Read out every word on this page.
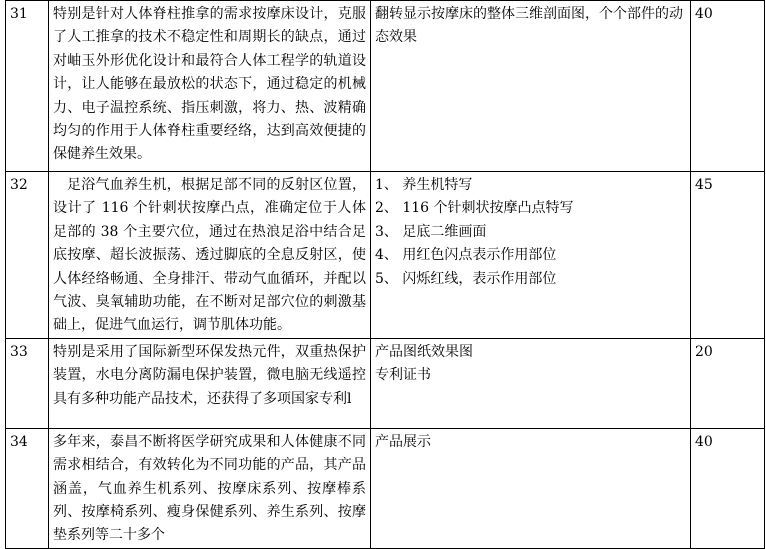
31	特别是针对人体脊柱推拿的需求按摩床设计，克服了人工推拿的技术不稳定性和周期长的缺点，通过对岫玉外形优化设计和最符合人体工程学的轨道设计，让人能够在最放松的状态下，通过稳定的机械力、电子温控系统、指压刺激，将力、热、波精确均匀的作用于人体脊柱重要经络，达到高效便捷的保健养生效果。	翻转显示按摩床的整体三维剖面图，个个部件的动态效果	40
32	足浴气血养生机，根据足部不同的反射区位置，设计了 116 个针刺状按摩凸点，准确定位于人体足部的 38 个主要穴位，通过在热浪足浴中结合足底按摩、超长波振荡、透过脚底的全息反射区，使人体经络畅通、全身排汗、带动气血循环，并配以气波、臭氧辅助功能，在不断对足部穴位的刺激基础上，促进气血运行，调节肌体功能。	1、 养生机特写
2、 116 个针刺状按摩凸点特写
3、 足底二维画面
4、 用红色闪点表示作用部位
5、 闪烁红线，表示作用部位	45
33	特别是采用了国际新型环保发热元件，双重热保护装置，水电分离防漏电保护装置，微电脑无线遥控具有多种功能产品技术，还获得了多项国家专利l	产品图纸效果图
专利证书	20
34	多年来，泰昌不断将医学研究成果和人体健康不同需求相结合，有效转化为不同功能的产品，其产品涵盖，气血养生机系列、按摩床系列、按摩棒系列、按摩椅系列、瘦身保健系列、养生系列、按摩垫系列等二十多个	产品展示	40
